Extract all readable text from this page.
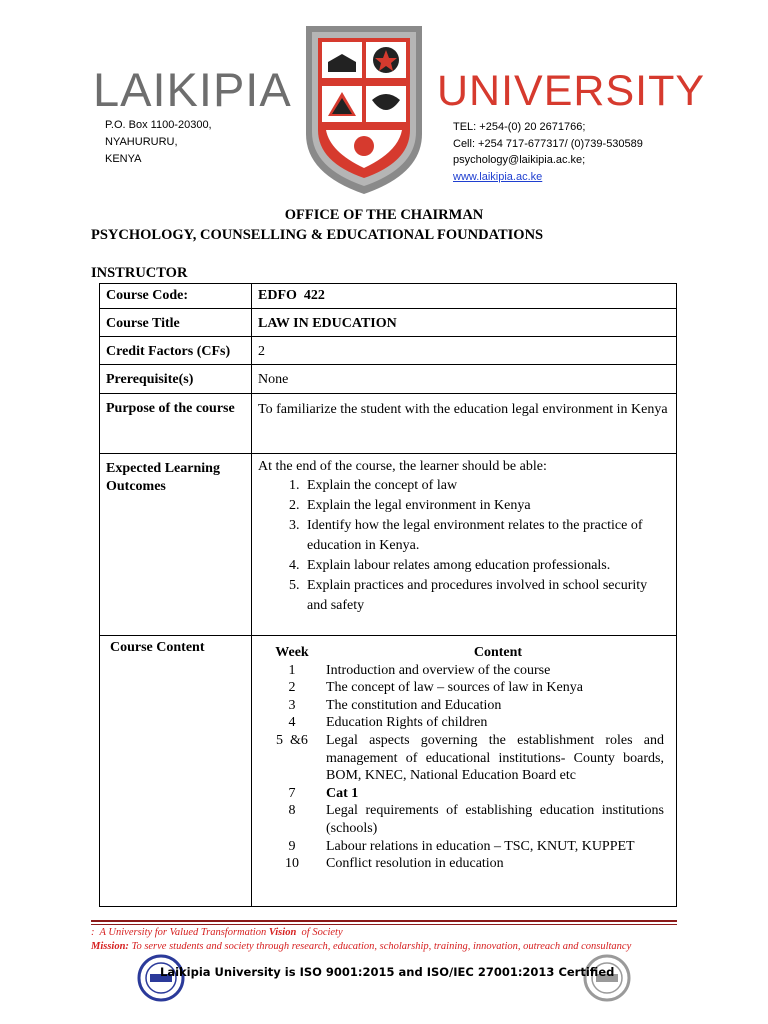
LAIKIPIA	UNIVERSITY
P.O. Box 1100-20300,
NYAHURURU,
KENYA
TEL: +254-(0) 20 2671766;
Cell: +254 717-677317/ (0)739-530589
psychology@laikipia.ac.ke;
www.laikipia.ac.ke
OFFICE OF THE CHAIRMAN
PSYCHOLOGY, COUNSELLING & EDUCATIONAL FOUNDATIONS
INSTRUCTOR
Course Code:	EDFO  422
Course Title	LAW IN EDUCATION
Credit Factors (CFs)	2
Prerequisite(s)	None
Purpose of the course	To familiarize the student with the education legal environment in Kenya
Expected Learning Outcomes	
At the end of the course, the learner should be able:
1. Explain the concept of law
2. Explain the legal environment in Kenya
3. Identify how the legal environment relates to the practice of education in Kenya.
4. Explain labour relates among education professionals.
5. Explain practices and procedures involved in school security and safety

Course Content		Week	Content
1	Introduction and overview of the course
2	The concept of law – sources of law in Kenya
3	The constitution and Education
4	Education Rights of children
5  &6	Legal aspects governing the establishment roles and management of educational institutions- County boards, BOM, KNEC, National Education Board etc
7	Cat 1
8	Legal requirements of establishing education institutions (schools)
9	Labour relations in education – TSC, KNUT, KUPPET
10	Conflict resolution in education
:  A University for Valued Transformation Vision  of Society
Mission: To serve students and society through research, education, scholarship, training, innovation, outreach and consultancy
Laikipia University is ISO 9001:2015 and ISO/IEC 27001:2013 Certified
